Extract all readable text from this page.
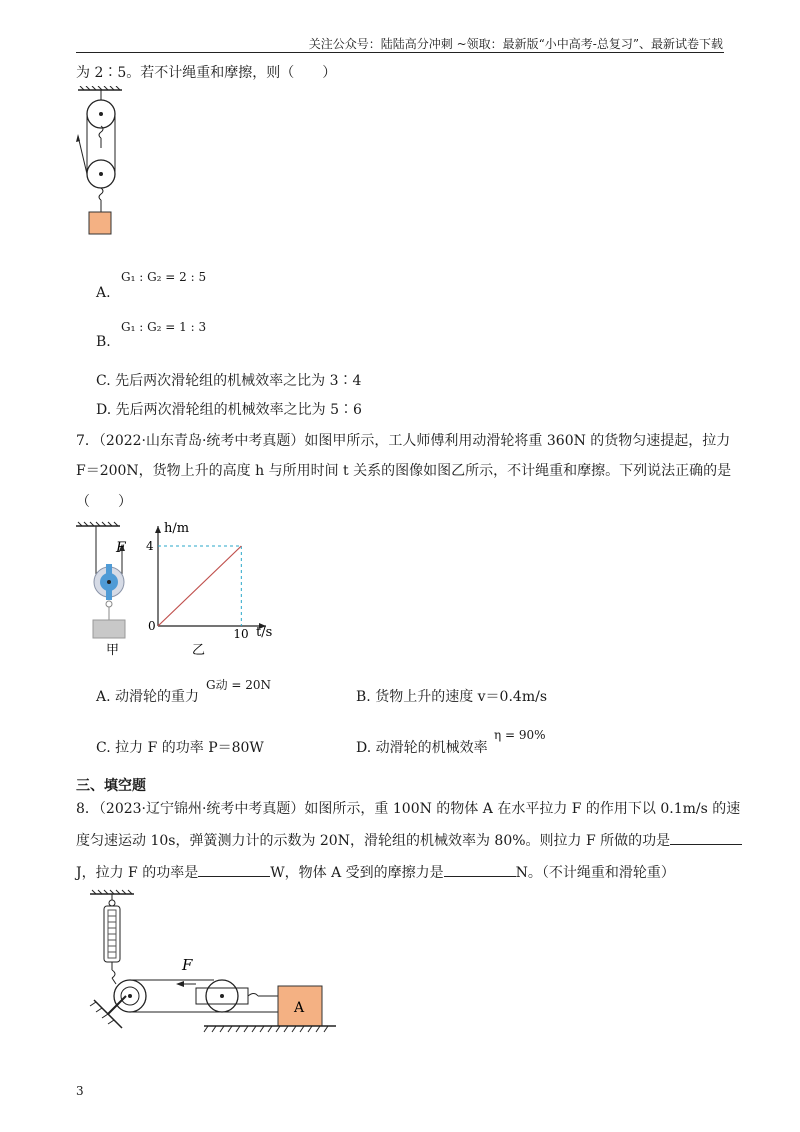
关注公众号：陆陆高分冲刺 ~领取：最新版“小中高考-总复习”、最新试卷下载
为 2∶5。若不计绳重和摩擦，则（　　）
A.
G₁ : G₂ = 2 : 5
B.
G₁ : G₂ = 1 : 3
C. 先后两次滑轮组的机械效率之比为 3∶4
D. 先后两次滑轮组的机械效率之比为 5∶6
7．（2022·山东青岛·统考中考真题）如图甲所示，工人师傅利用动滑轮将重 360N 的货物匀速提起，拉力
F＝200N，货物上升的高度 h 与所用时间 t 关系的图像如图乙所示，不计绳重和摩擦。下列说法正确的是
（　　）
F
甲
h/m
t/s
0
4
10
乙
A. 动滑轮的重力
G动 = 20N
B. 货物上升的速度 v＝0.4m/s
C. 拉力 F 的功率 P＝80W	D. 动滑轮的机械效率
η = 90%
三、填空题
8．（2023·辽宁锦州·统考中考真题）如图所示，重 100N 的物体 A 在水平拉力 F 的作用下以 0.1m/s 的速
度匀速运动 10s，弹簧测力计的示数为 20N，滑轮组的机械效率为 80%。则拉力 F 所做的功是
J，拉力 F 的功率是	W，物体 A 受到的摩擦力是	N。（不计绳重和滑轮重）
F
A
3
